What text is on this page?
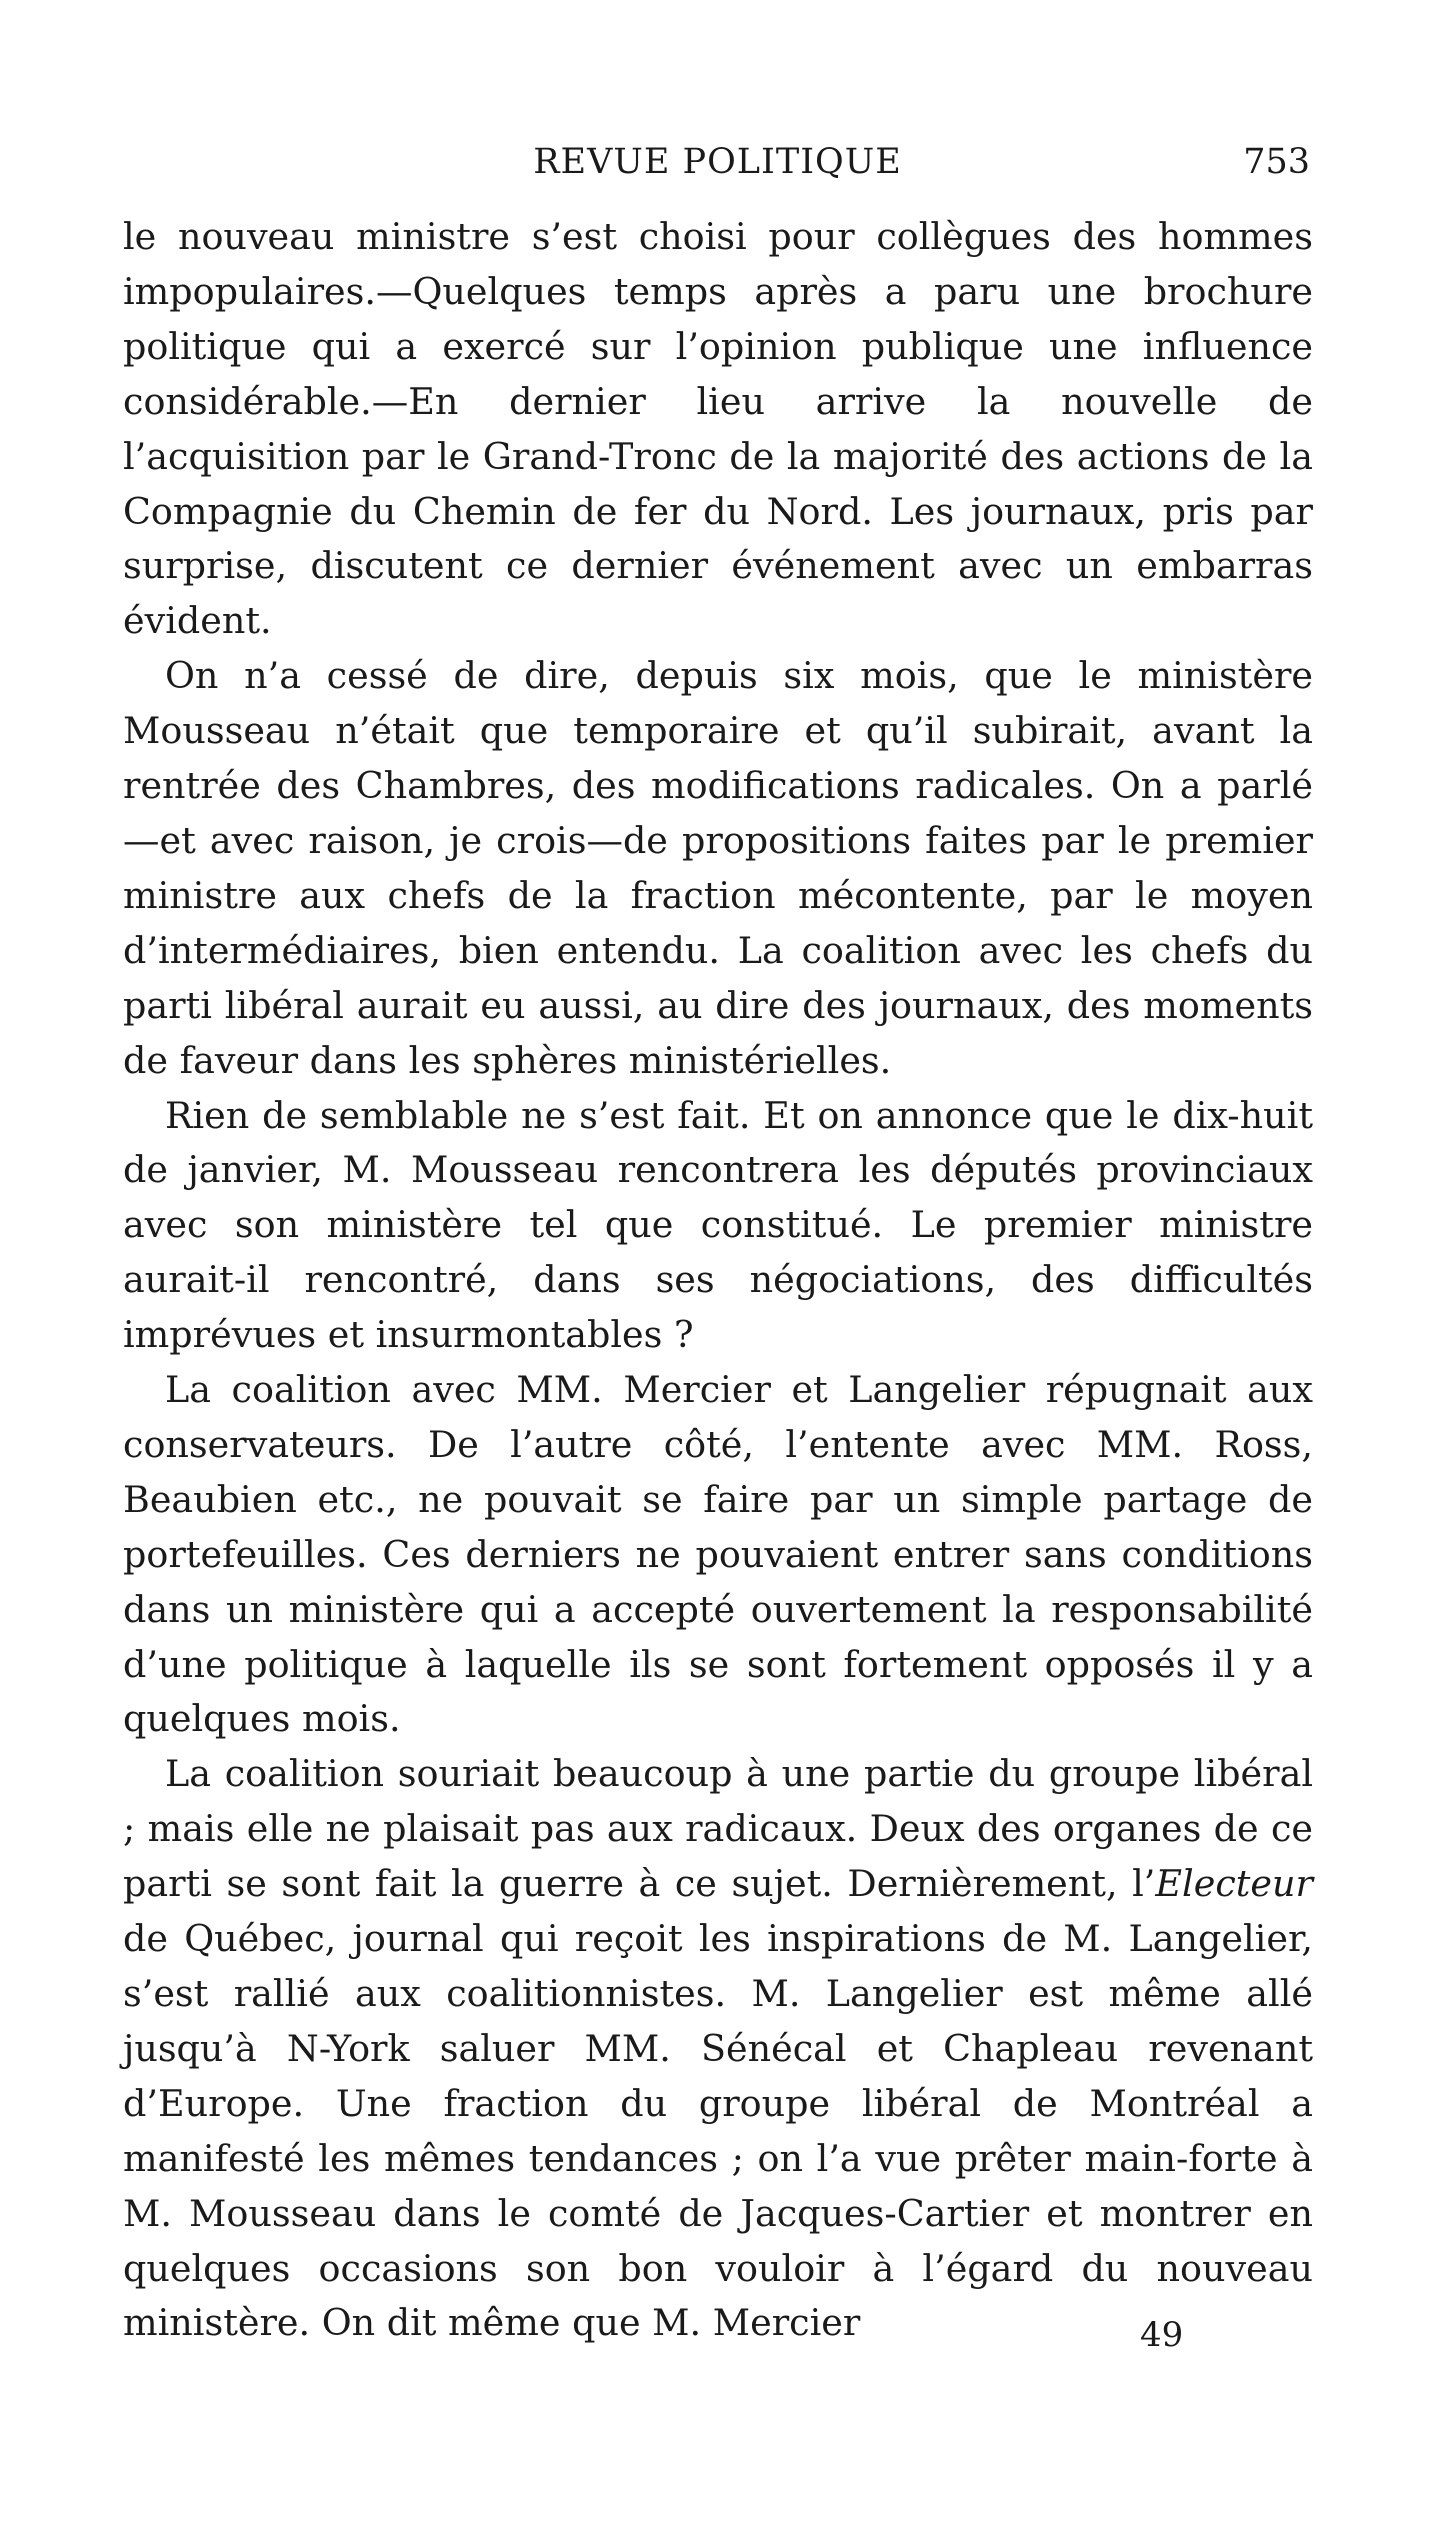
REVUE POLITIQUE	753

le nouveau ministre s’est choisi pour collègues des hommes impopulaires.—Quelques temps après a paru une brochure politique qui a exercé sur l’opinion publique une influence considérable.—En dernier lieu arrive la nouvelle de l’acquisition par le Grand-Tronc de la majorité des actions de la Compagnie du Chemin de fer du Nord. Les journaux, pris par surprise, discutent ce dernier événement avec un embarras évident.

On n’a cessé de dire, depuis six mois, que le ministère Mousseau n’était que temporaire et qu’il subirait, avant la rentrée des Chambres, des modifications radicales. On a parlé—et avec raison, je crois—de propositions faites par le premier ministre aux chefs de la fraction mécontente, par le moyen d’intermédiaires, bien entendu. La coalition avec les chefs du parti libéral aurait eu aussi, au dire des journaux, des moments de faveur dans les sphères ministérielles.

Rien de semblable ne s’est fait. Et on annonce que le dix-huit de janvier, M. Mousseau rencontrera les députés provinciaux avec son ministère tel que constitué. Le premier ministre aurait-il rencontré, dans ses négociations, des difficultés imprévues et insurmontables ?

La coalition avec MM. Mercier et Langelier répugnait aux conservateurs. De l’autre côté, l’entente avec MM. Ross, Beaubien etc., ne pouvait se faire par un simple partage de portefeuilles. Ces derniers ne pouvaient entrer sans conditions dans un ministère qui a accepté ouvertement la responsabilité d’une politique à laquelle ils se sont fortement opposés il y a quelques mois.

La coalition souriait beaucoup à une partie du groupe libéral ; mais elle ne plaisait pas aux radicaux. Deux des organes de ce parti se sont fait la guerre à ce sujet. Dernièrement, l’Electeur de Québec, journal qui reçoit les inspirations de M. Langelier, s’est rallié aux coalitionnistes. M. Langelier est même allé jusqu’à N-York saluer MM. Sénécal et Chapleau revenant d’Europe. Une fraction du groupe libéral de Montréal a manifesté les mêmes tendances ; on l’a vue prêter main-forte à M. Mousseau dans le comté de Jacques-Cartier et montrer en quelques occasions son bon vouloir à l’égard du nouveau ministère. On dit même que M. Mercier	49
